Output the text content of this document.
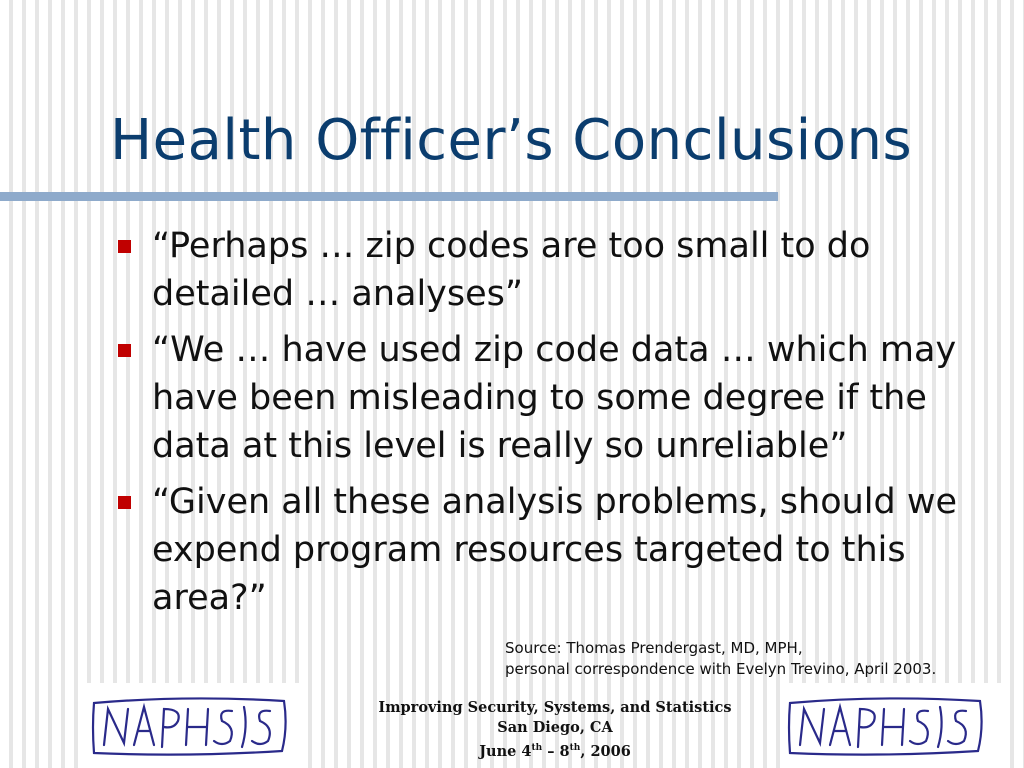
Health Officer’s Conclusions
“Perhaps … zip codes are too small to do detailed … analyses”
“We … have used zip code data … which may have been misleading to some degree if the data at this level is really so unreliable”
“Given all these analysis problems, should we expend program resources targeted to this area?”
Source: Thomas Prendergast, MD, MPH,
personal correspondence with Evelyn Trevino, April 2003.
Improving Security, Systems, and Statistics
San Diego, CA
June 4th – 8th, 2006
